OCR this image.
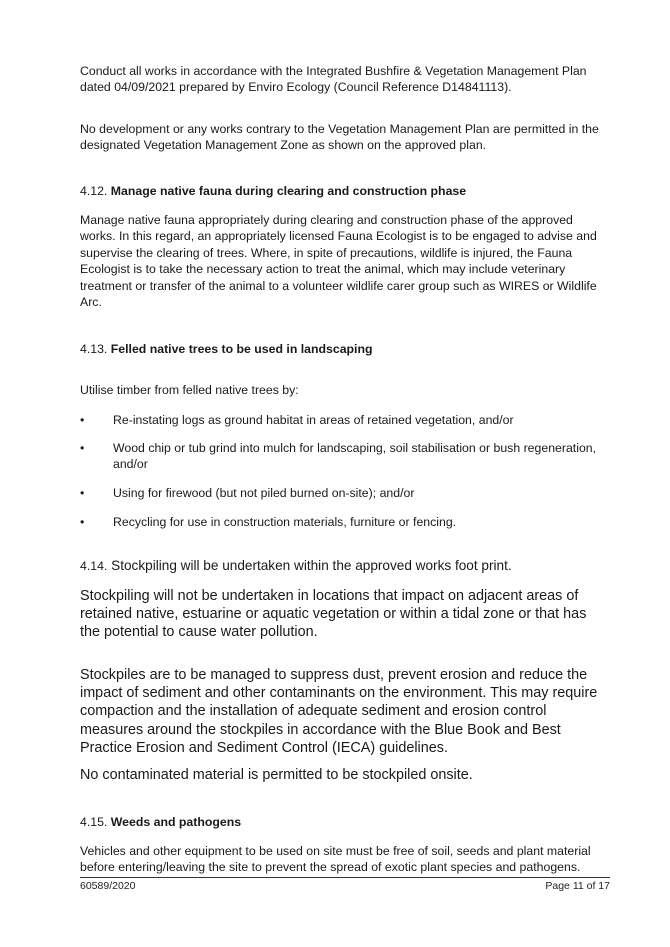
Conduct all works in accordance with the Integrated Bushfire & Vegetation Management Plan dated 04/09/2021 prepared by Enviro Ecology (Council Reference D14841113).

No development or any works contrary to the Vegetation Management Plan are permitted in the designated Vegetation Management Zone as shown on the approved plan.

4.12. Manage native fauna during clearing and construction phase

Manage native fauna appropriately during clearing and construction phase of the approved works. In this regard, an appropriately licensed Fauna Ecologist is to be engaged to advise and supervise the clearing of trees. Where, in spite of precautions, wildlife is injured, the Fauna Ecologist is to take the necessary action to treat the animal, which may include veterinary treatment or transfer of the animal to a volunteer wildlife carer group such as WIRES or Wildlife Arc.

4.13. Felled native trees to be used in landscaping

Utilise timber from felled native trees by:

•	Re-instating logs as ground habitat in areas of retained vegetation, and/or
•	Wood chip or tub grind into mulch for landscaping, soil stabilisation or bush regeneration, and/or
•	Using for firewood (but not piled burned on-site); and/or
•	Recycling for use in construction materials, furniture or fencing.
4.14. Stockpiling will be undertaken within the approved works foot print.

Stockpiling will not be undertaken in locations that impact on adjacent areas of retained native, estuarine or aquatic vegetation or within a tidal zone or that has the potential to cause water pollution.

Stockpiles are to be managed to suppress dust, prevent erosion and reduce the impact of sediment and other contaminants on the environment. This may require compaction and the installation of adequate sediment and erosion control measures around the stockpiles in accordance with the Blue Book and Best Practice Erosion and Sediment Control (IECA) guidelines.

No contaminated material is permitted to be stockpiled onsite.

4.15. Weeds and pathogens

Vehicles and other equipment to be used on site must be free of soil, seeds and plant material before entering/leaving the site to prevent the spread of exotic plant species and pathogens.

60589/2020	Page 11 of 17
